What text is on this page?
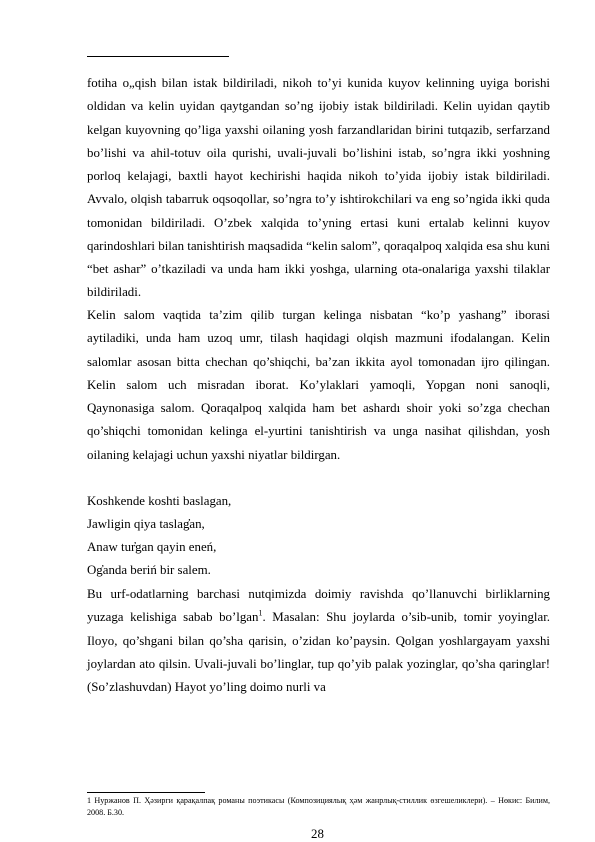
fotiha o„qish bilan istak bildiriladi, nikoh to’yi kunida kuyov kelinning uyiga borishi oldidan va kelin uyidan qaytgandan so’ng ijobiy istak bildiriladi. Kelin uyidan qaytib kelgan kuyovning qo’liga yaxshi oilaning yosh farzandlaridan birini tutqazib, serfarzand bo’lishi va ahil-totuv oila qurishi, uvali-juvali bo’lishini istab, so’ngra ikki yoshning porloq kelajagi, baxtli hayot kechirishi haqida nikoh to’yida ijobiy istak bildiriladi. Avvalo, olqish tabarruk oqsoqollar, so’ngra to’y ishtirokchilari va eng so’ngida ikki quda tomonidan bildiriladi. O’zbek xalqida to’yning ertasi kuni ertalab kelinni kuyov qarindoshlari bilan tanishtirish maqsadida “kelin salom”, qoraqalpoq xalqida esa shu kuni “bet ashar” o’tkaziladi va unda ham ikki yoshga, ularning ota-onalariga yaxshi tilaklar bildiriladi.

Kelin salom vaqtida ta’zim qilib turgan kelinga nisbatan “ko’p yashang” iborasi aytiladiki, unda ham uzoq umr, tilash haqidagi olqish mazmuni ifodalangan. Kelin salomlar asosan bitta chechan qo’shiqchi, ba’zan ikkita ayol tomonadan ijro qilingan. Kelin salom uch misradan iborat. Ko’ylaklari yamoqli, Yopgan noni sanoqli, Qaynonasiga salom. Qoraqalpoq xalqida ham bet ashardı shoir yoki so’zga chechan qo’shiqchi tomonidan kelinga el-yurtini tanishtirish va unga nasihat qilishdan, yosh oilaning kelajagi uchun yaxshi niyatlar bildirgan.

Koshkende koshti baslagan,
Jawligin qiya taslag̓an,
Anaw tur̓gan qayin eneń,
Og̓anda beriń bir salem.

Bu urf-odatlarning barchasi nutqimizda doimiy ravishda qo’llanuvchi birliklarning yuzaga kelishiga sabab bo’lgan$^1$. Masalan: Shu joylarda o’sib-unib, tomir yoyinglar. Iloyo, qo’shgani bilan qo’sha qarisin, o’zidan ko’paysin. Qolgan yoshlargayam yaxshi joylardan ato qilsin. Uvali-juvali bo’linglar, tup qo’yib palak yozinglar, qo’sha qaringlar! (So’zlashuvdan) Hayot yo’ling doimo nurli va

1 Нуржанов П. Ҳәзирги қарақалпақ романы поэтикасы (Композициялық ҳәм жанрлық-стиллик өзгешеликлери). – Нөкис: Билим, 2008. Б.30.

28
